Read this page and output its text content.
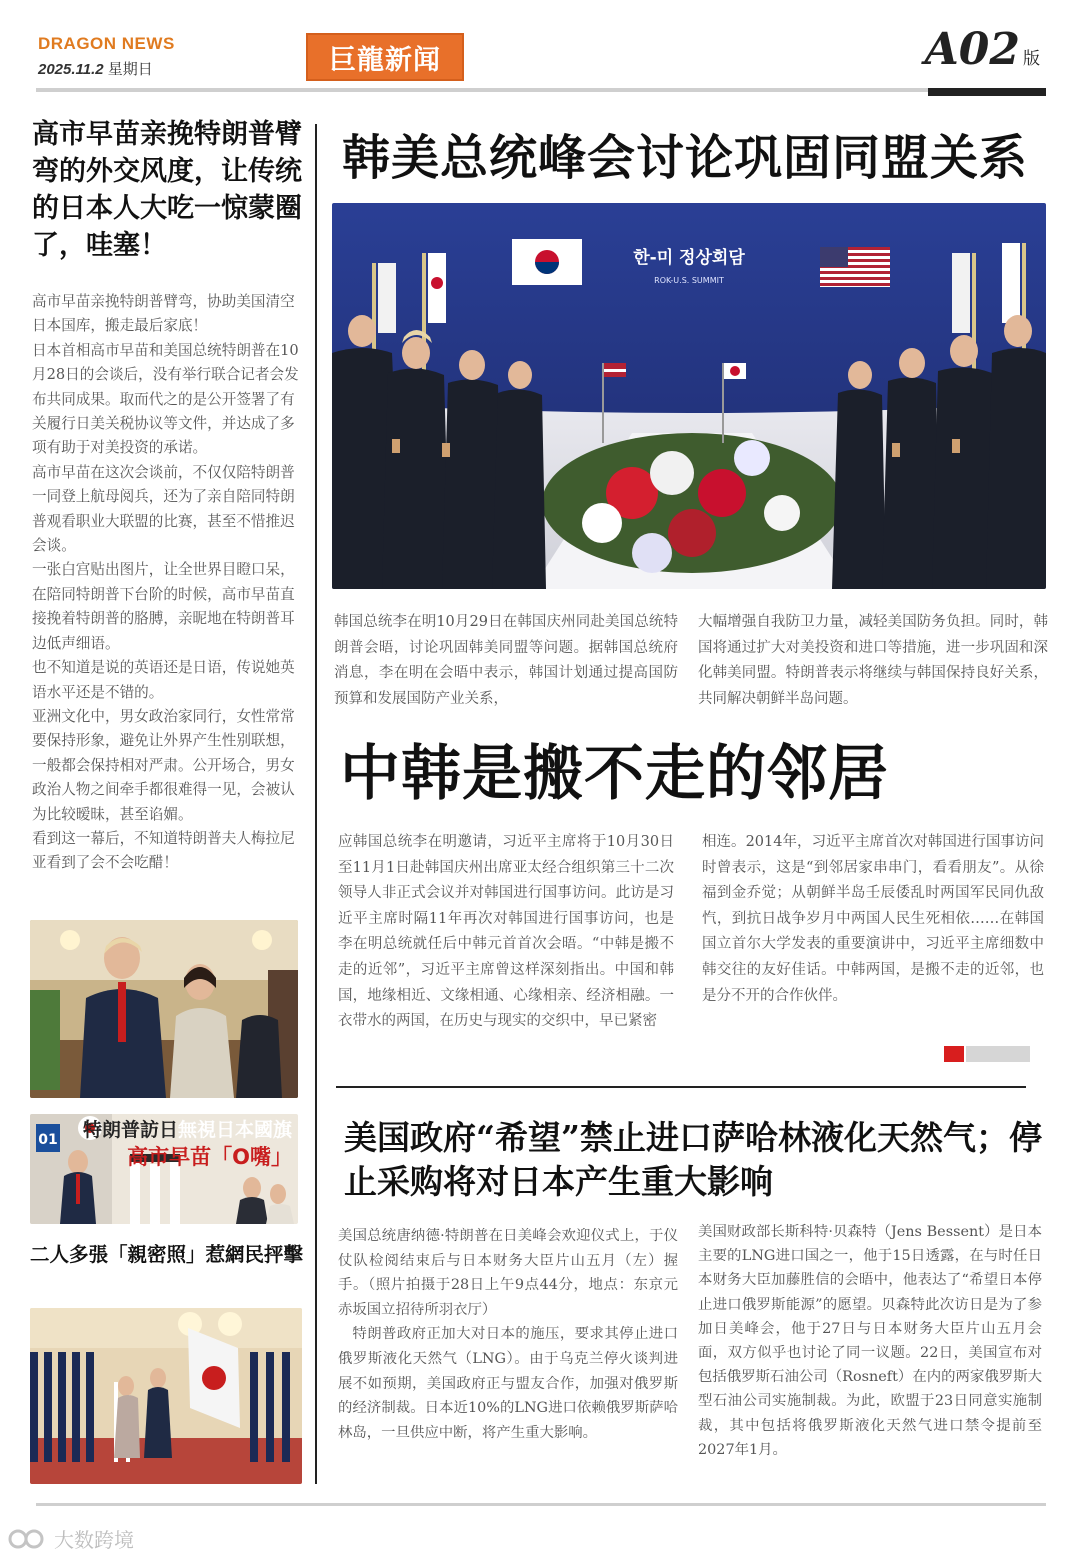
DRAGON NEWS
2025.11.2 星期日	巨龍新闻	A02 版
高市早苗亲挽特朗普臂弯的外交风度，让传统的日本人大吃一惊蒙圈了，哇塞！

高市早苗亲挽特朗普臂弯，协助美国清空日本国库，搬走最后家底！

日本首相高市早苗和美国总统特朗普在10月28日的会谈后，没有举行联合记者会发布共同成果。取而代之的是公开签署了有关履行日美关税协议等文件，并达成了多项有助于对美投资的承诺。

高市早苗在这次会谈前，不仅仅陪特朗普一同登上航母阅兵，还为了亲自陪同特朗普观看职业大联盟的比赛，甚至不惜推迟会谈。

一张白宫贴出图片，让全世界目瞪口呆，在陪同特朗普下台阶的时候，高市早苗直接挽着特朗普的胳膊，亲昵地在特朗普耳边低声细语。

也不知道是说的英语还是日语，传说她英语水平还是不错的。

亚洲文化中，男女政治家同行，女性常常要保持形象，避免让外界产生性别联想，一般都会保持相对严肃。公开场合，男女政治人物之间牵手都很难得一见，会被认为比较暧昧，甚至谄媚。

看到这一幕后，不知道特朗普夫人梅拉尼亚看到了会不会吃醋！

01 特朗普訪日無視日本國旗
高市早苗「O嘴」
二人多張「親密照」惹網民抨擊
韩美总统峰会讨论巩固同盟关系
한-미 정상회담
ROK-U.S. SUMMIT
韩国总统李在明10月29日在韩国庆州同赴美国总统特朗普会晤，讨论巩固韩美同盟等问题。据韩国总统府消息，李在明在会晤中表示，韩国计划通过提高国防预算和发展国防产业关系，
大幅增强自我防卫力量，减轻美国防务负担。同时，韩国将通过扩大对美投资和进口等措施，进一步巩固和深化韩美同盟。特朗普表示将继续与韩国保持良好关系，共同解决朝鲜半岛问题。
中韩是搬不走的邻居
应韩国总统李在明邀请，习近平主席将于10月30日至11月1日赴韩国庆州出席亚太经合组织第三十二次领导人非正式会议并对韩国进行国事访问。此访是习近平主席时隔11年再次对韩国进行国事访问，也是李在明总统就任后中韩元首首次会晤。“中韩是搬不走的近邻”，习近平主席曾这样深刻指出。中国和韩国，地缘相近、文缘相通、心缘相亲、经济相融。一衣带水的两国，在历史与现实的交织中，早已紧密
相连。2014年，习近平主席首次对韩国进行国事访问时曾表示，这是“到邻居家串串门，看看朋友”。从徐福到金乔觉；从朝鲜半岛壬辰倭乱时两国军民同仇敌忾，到抗日战争岁月中两国人民生死相依……在韩国国立首尔大学发表的重要演讲中，习近平主席细数中韩交往的友好佳话。中韩两国，是搬不走的近邻，也是分不开的合作伙伴。
美国政府“希望”禁止进口萨哈林液化天然气；停止采购将对日本产生重大影响

美国总统唐纳德·特朗普在日美峰会欢迎仪式上，于仪仗队检阅结束后与日本财务大臣片山五月（左）握手。（照片拍摄于28日上午9点44分，地点：东京元赤坂国立招待所羽衣厅）

特朗普政府正加大对日本的施压，要求其停止进口俄罗斯液化天然气（LNG）。由于乌克兰停火谈判进展不如预期，美国政府正与盟友合作，加强对俄罗斯的经济制裁。日本近10%的LNG进口依赖俄罗斯萨哈林岛，一旦供应中断，将产生重大影响。

美国财政部长斯科特·贝森特（Jens Bessent）是日本主要的LNG进口国之一，他于15日透露，在与时任日本财务大臣加藤胜信的会晤中，他表达了“希望日本停止进口俄罗斯能源”的愿望。贝森特此次访日是为了参加日美峰会，他于27日与日本财务大臣片山五月会面，双方似乎也讨论了同一议题。22日，美国宣布对包括俄罗斯石油公司（Rosneft）在内的两家俄罗斯大型石油公司实施制裁。为此，欧盟于23日同意实施制裁，其中包括将俄罗斯液化天然气进口禁令提前至2027年1月。
大数跨境
